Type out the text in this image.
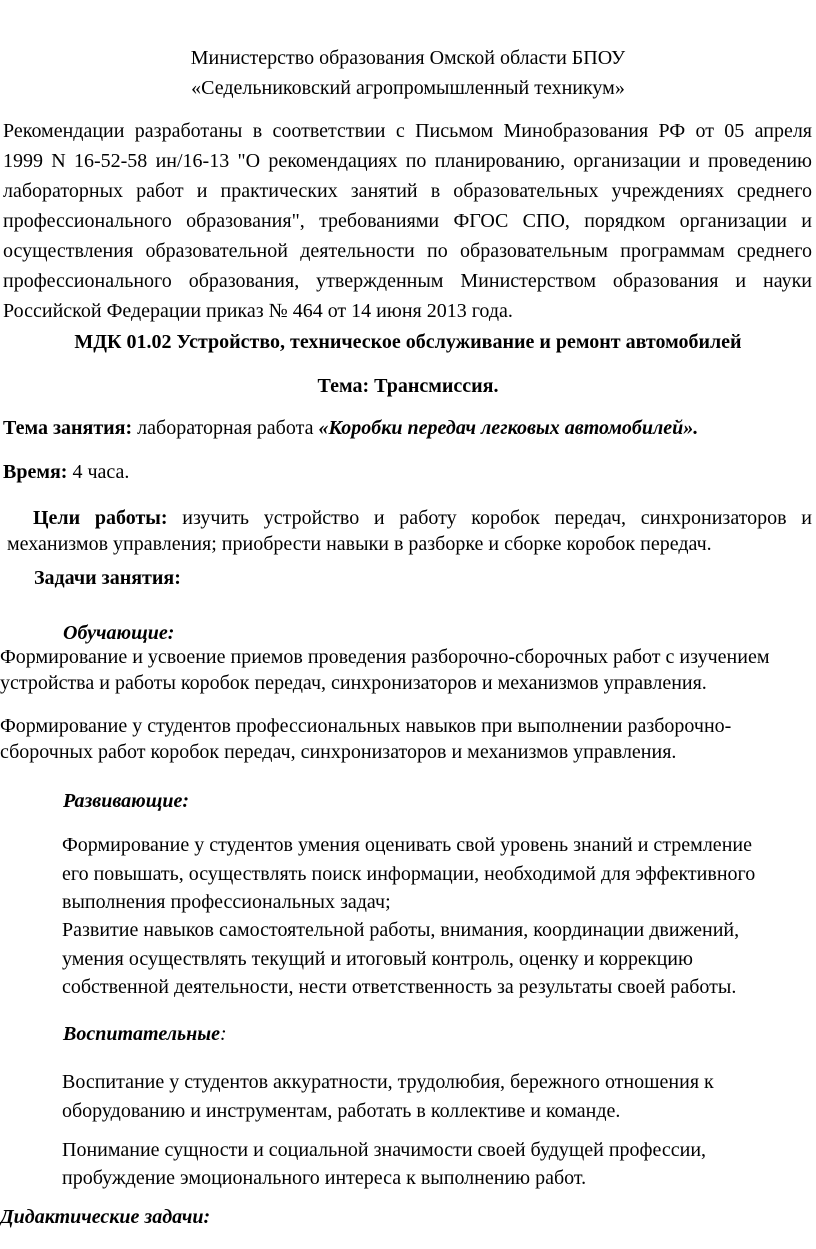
Министерство образования Омской области БПОУ
«Седельниковский агропромышленный техникум»
Рекомендации разработаны в соответствии с Письмом Минобразования РФ от 05 апреля
1999 N 16-52-58 ин/16-13 "О рекомендациях по планированию, организации и проведению
лабораторных работ и практических занятий в образовательных учреждениях среднего
профессионального образования", требованиями ФГОС СПО, порядком организации и
осуществления образовательной деятельности по образовательным программам среднего
профессионального образования, утвержденным Министерством образования и науки
Российской Федерации приказ № 464 от 14 июня 2013 года.
МДК 01.02 Устройство, техническое обслуживание и ремонт автомобилей
Тема: Трансмиссия.
Тема занятия: лабораторная работа «Коробки передач легковых автомобилей».
Время: 4 часа.
Цели работы: изучить устройство и работу коробок передач, синхронизаторов и
механизмов управления; приобрести навыки в разборке и сборке коробок передач.
Задачи занятия:
Обучающие:
Формирование и усвоение приемов проведения разборочно-сборочных работ с изучением
устройства и работы коробок передач, синхронизаторов и механизмов управления.
Формирование у студентов профессиональных навыков при выполнении разборочно-
сборочных работ коробок передач, синхронизаторов и механизмов управления.
Развивающие:
Формирование у студентов умения оценивать свой уровень знаний и стремление
его повышать, осуществлять поиск информации, необходимой для эффективного
выполнения профессиональных задач;
Развитие навыков самостоятельной работы, внимания, координации движений,
умения осуществлять текущий и итоговый контроль, оценку и коррекцию
собственной деятельности, нести ответственность за результаты своей работы.
Воспитательные:
Воспитание у студентов аккуратности, трудолюбия, бережного отношения к
оборудованию и инструментам, работать в коллективе и команде.
Понимание сущности и социальной значимости своей будущей профессии,
пробуждение эмоционального интереса к выполнению работ.
Дидактические задачи:
